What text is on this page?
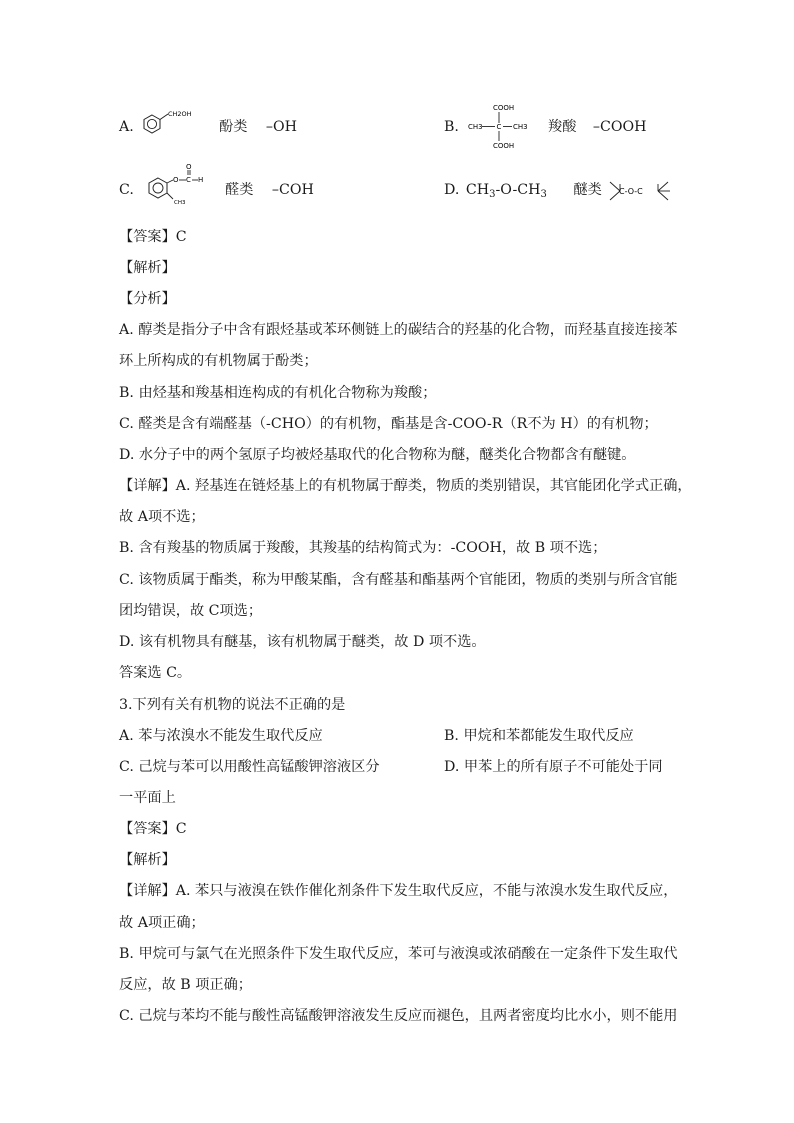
A.
CH2OH
酚类 –OH	B.
COOH
CH3 C CH3
COOH
羧酸 –COOH
C.
O C
O
H
CH3
醛类 –COH	D. $CH_3-O-CH_3$ 醚类 C-O-C
【答案】C
【解析】
【分析】
A. 醇类是指分子中含有跟烃基或苯环侧链上的碳结合的羟基的化合物，而羟基直接连接苯
环上所构成的有机物属于酚类；
B. 由烃基和羧基相连构成的有机化合物称为羧酸；
C. 醛类是含有端醛基（-CHO）的有机物，酯基是含-COO-R（R不为 H）的有机物；
D. 水分子中的两个氢原子均被烃基取代的化合物称为醚，醚类化合物都含有醚键。
【详解】A. 羟基连在链烃基上的有机物属于醇类，物质的类别错误，其官能团化学式正确，
故 A项不选；
B. 含有羧基的物质属于羧酸，其羧基的结构简式为：-COOH，故 B 项不选；
C. 该物质属于酯类，称为甲酸某酯，含有醛基和酯基两个官能团，物质的类别与所含官能
团均错误，故 C项选；
D. 该有机物具有醚基，该有机物属于醚类，故 D 项不选。
答案选 C。
3.下列有关有机物的说法不正确的是
A. 苯与浓溴水不能发生取代反应	B. 甲烷和苯都能发生取代反应
C. 己烷与苯可以用酸性高锰酸钾溶液区分	D. 甲苯上的所有原子不可能处于同
一平面上
【答案】C
【解析】
【详解】A. 苯只与液溴在铁作催化剂条件下发生取代反应，不能与浓溴水发生取代反应，
故 A项正确；
B. 甲烷可与氯气在光照条件下发生取代反应，苯可与液溴或浓硝酸在一定条件下发生取代
反应，故 B 项正确；
C. 己烷与苯均不能与酸性高锰酸钾溶液发生反应而褪色，且两者密度均比水小，则不能用
